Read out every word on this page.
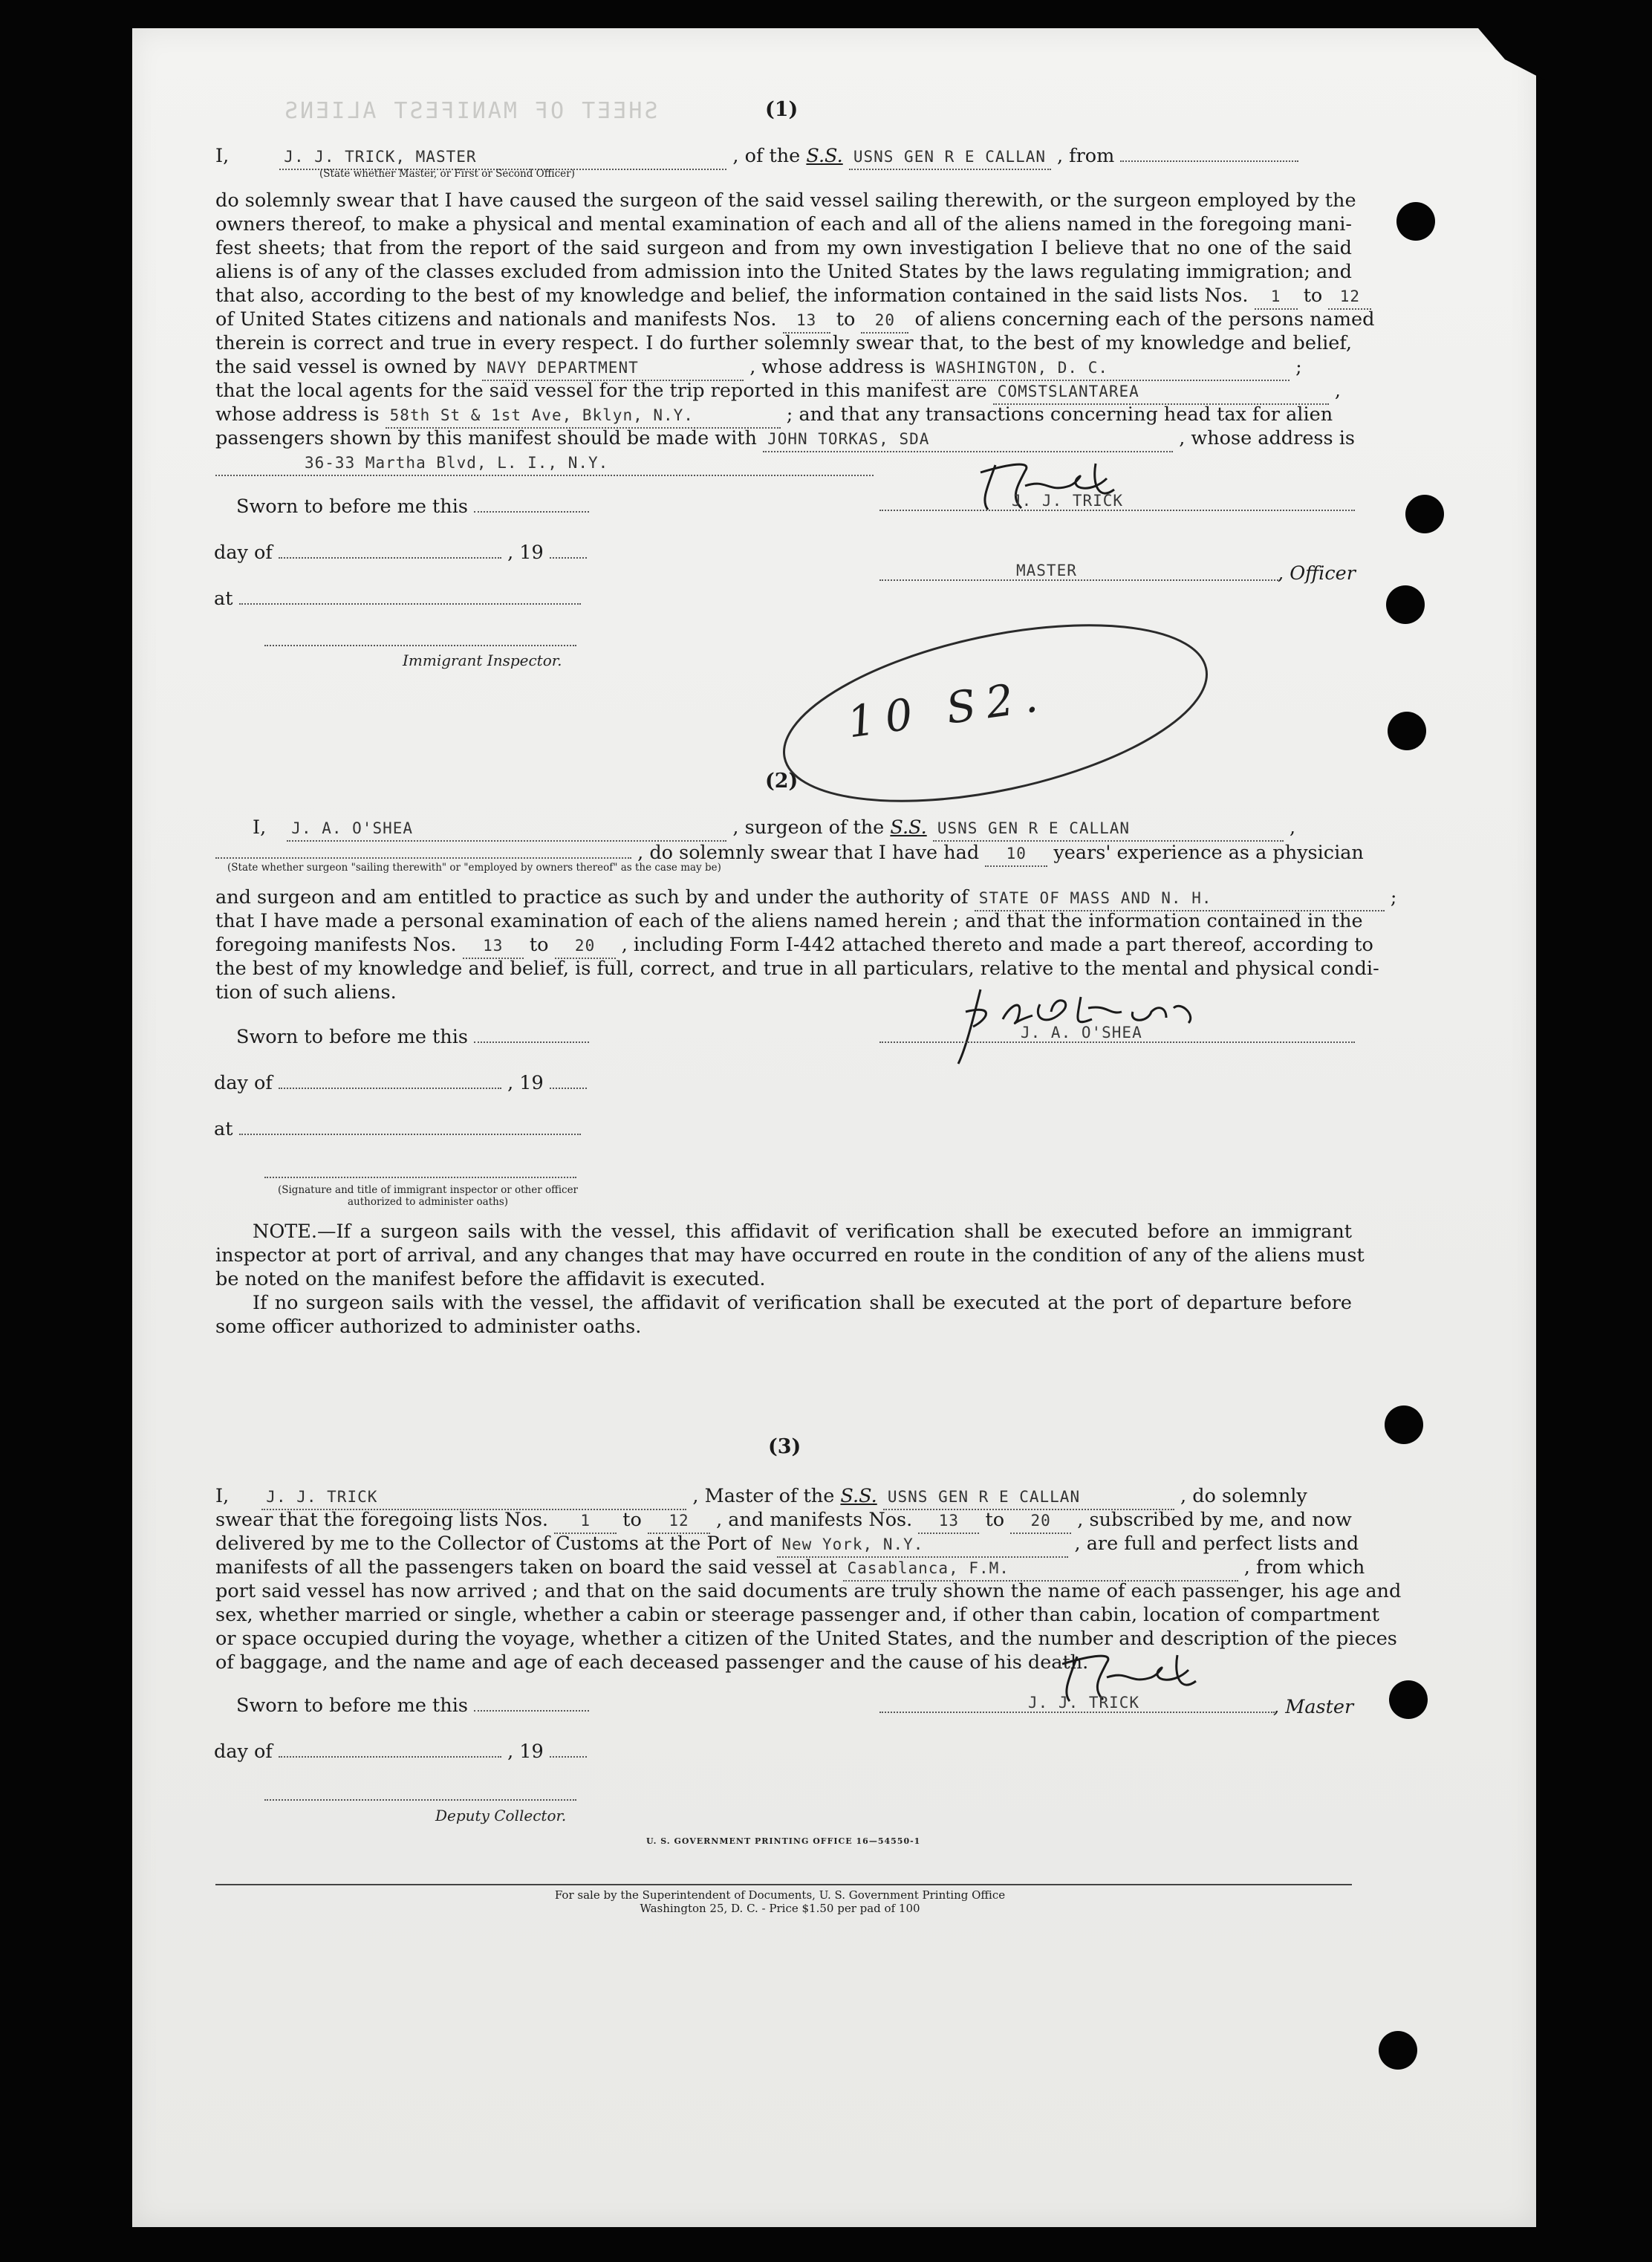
SHEET OF MANIFEST ALIENS	(1)
I,	J. J. TRICK, MASTER	, of the S.S. USNS GEN R E CALLAN , from
(State whether Master, or First or Second Officer)
do solemnly swear that I have caused the surgeon of the said vessel sailing therewith, or the surgeon employed by the
owners thereof, to make a physical and mental examination of each and all of the aliens named in the foregoing mani-
fest sheets; that from the report of the said surgeon and from my own investigation I believe that no one of the said
aliens is of any of the classes excluded from admission into the United States by the laws regulating immigration; and
that also, according to the best of my knowledge and belief, the information contained in the said lists Nos. 1 to 12
of United States citizens and nationals and manifests Nos. 13 to 20 of aliens concerning each of the persons named
therein is correct and true in every respect. I do further solemnly swear that, to the best of my knowledge and belief,
the said vessel is owned by NAVY DEPARTMENT	, whose address is WASHINGTON, D. C.	;
that the local agents for the said vessel for the trip reported in this manifest are COMSTSLANTAREA	,
whose address is 58th St & 1st Ave, Bklyn, N.Y.	; and that any transactions concerning head tax for alien
passengers shown by this manifest should be made with JOHN TORKAS, SDA	, whose address is
36-33 Martha Blvd, L. I., N.Y.
Sworn to before me this
day of	, 19
at
Immigrant Inspector.
J. J. TRICK
MASTER	, Officer
10 S2.
(2)
I, J. A. O'SHEA	, surgeon of the S.S. USNS GEN R E CALLAN	,
, do solemnly swear that I have had 10 years' experience as a physician
(State whether surgeon "sailing therewith" or "employed by owners thereof" as the case may be)
and surgeon and am entitled to practice as such by and under the authority of STATE OF MASS AND N. H.	;
that I have made a personal examination of each of the aliens named herein ; and that the information contained in the
foregoing manifests Nos. 13 to 20 , including Form I-442 attached thereto and made a part thereof, according to
the best of my knowledge and belief, is full, correct, and true in all particulars, relative to the mental and physical condi-
tion of such aliens.
Sworn to before me this
day of	, 19
at
(Signature and title of immigrant inspector or other officer authorized to administer oaths)
J. A. O'SHEA
NOTE.—If a surgeon sails with the vessel, this affidavit of verification shall be executed before an immigrant
inspector at port of arrival, and any changes that may have occurred en route in the condition of any of the aliens must
be noted on the manifest before the affidavit is executed.
If no surgeon sails with the vessel, the affidavit of verification shall be executed at the port of departure before
some officer authorized to administer oaths.
(3)
I, J. J. TRICK	, Master of the S.S. USNS GEN R E CALLAN	, do solemnly
swear that the foregoing lists Nos. 1 to 12 , and manifests Nos. 13 to 20 , subscribed by me, and now
delivered by me to the Collector of Customs at the Port of New York, N.Y.	, are full and perfect lists and
manifests of all the passengers taken on board the said vessel at Casablanca, F.M.	, from which
port said vessel has now arrived ; and that on the said documents are truly shown the name of each passenger, his age and
sex, whether married or single, whether a cabin or steerage passenger and, if other than cabin, location of compartment
or space occupied during the voyage, whether a citizen of the United States, and the number and description of the pieces
of baggage, and the name and age of each deceased passenger and the cause of his death.
Sworn to before me this
day of	, 19
Deputy Collector.
J. J. TRICK	, Master
U. S. GOVERNMENT PRINTING OFFICE 16—54550-1
For sale by the Superintendent of Documents, U. S. Government Printing Office
Washington 25, D. C. - Price $1.50 per pad of 100
